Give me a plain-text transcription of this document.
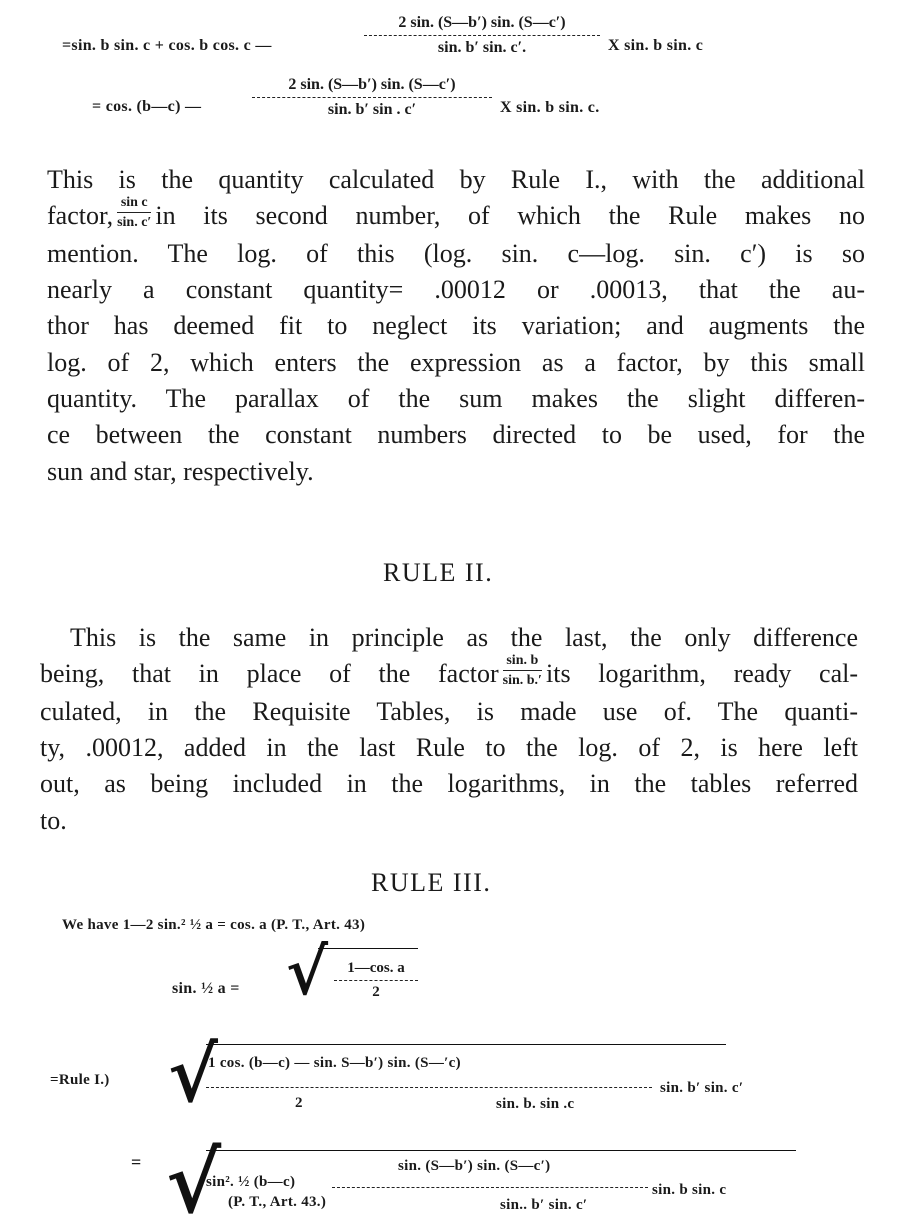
=sin. b sin. c + cos. b cos. c —
2 sin. (S—b′) sin. (S—c′)
sin. b′ sin. c′.	X sin. b sin. c
= cos. (b—c) —
2 sin. (S—b′) sin. (S—c′)
sin. b′ sin . c′	X sin. b sin. c.
This is the quantity calculated by Rule I., with the additional
factor, $\frac{\text{sin c}}{\sin. c'}$ in its second number, of which the Rule makes no
mention. The log. of this (log. sin. c—log. sin. c′) is so
nearly a constant quantity= .00012 or .00013, that the au-
thor has deemed fit to neglect its variation; and augments the
log. of 2, which enters the expression as a factor, by this small
quantity. The parallax of the sum makes the slight differen-
ce between the constant numbers directed to be used, for the
sun and star, respectively.
RULE II.
This is the same in principle as the last, the only difference
being, that in place of the factor $\frac{\sin. b}{\sin. b.'}$ its logarithm, ready cal-
culated, in the Requisite Tables, is made use of. The quanti-
ty, .00012, added in the last Rule to the log. of 2, is here left
out, as being included in the logarithms, in the tables referred
to.
RULE III.
We have 1—2 sin.² ½ a = cos. a (P. T., Art. 43)
sin. ½ a = √ 1—cos. a
2
=Rule I.) √
1 cos. (b—c) — sin. S—b′) sin. (S—′c)
2	sin. b. sin .c
sin. b′ sin. c′
= √
sin². ½ (b—c)
(P. T., Art. 43.)
sin. (S—b′) sin. (S—c′)
sin.. b′ sin. c′
sin. b sin. c
